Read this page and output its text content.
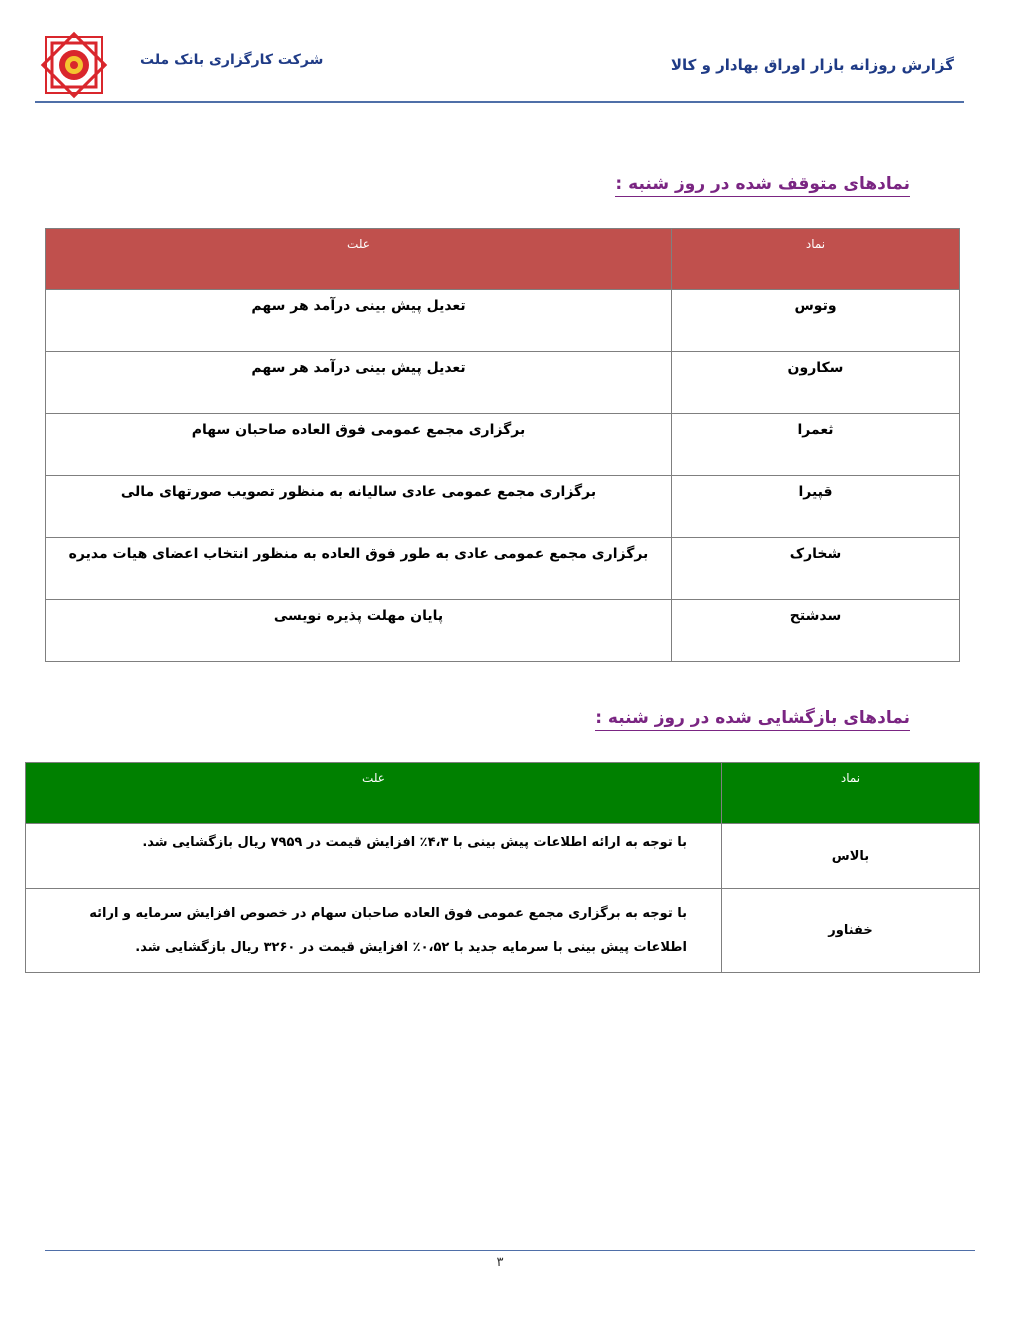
شرکت کارگزاری بانک ملت	گزارش روزانه بازار اوراق بهادار و کالا
نمادهای متوقف شده در روز شنبه :
نماد	علت
وتوس	تعدیل پیش بینی درآمد هر سهم
سکارون	تعدیل پیش بینی درآمد هر سهم
ثعمرا	برگزاری مجمع عمومی فوق العاده صاحبان سهام
قپیرا	برگزاری مجمع عمومی عادی سالیانه به منظور تصویب صورتهای مالی
شخارک	برگزاری مجمع عمومی عادی به طور فوق العاده به منظور انتخاب اعضای هیات مدیره
سدشتح	پایان مهلت پذیره نویسی
نمادهای بازگشایی شده در روز شنبه :
نماد	علت
بالاس	با توجه به ارائه اطلاعات پیش بینی با ۴،۳٪ افزایش قیمت در ۷۹۵۹ ریال بازگشایی شد.
خفناور	با توجه به برگزاری مجمع عمومی فوق العاده صاحبان سهام در خصوص افزایش سرمایه و ارائه اطلاعات پیش بینی با سرمایه جدید با ۰،۵۲٪ افزایش قیمت در ۳۲۶۰ ریال بازگشایی شد.
۳
